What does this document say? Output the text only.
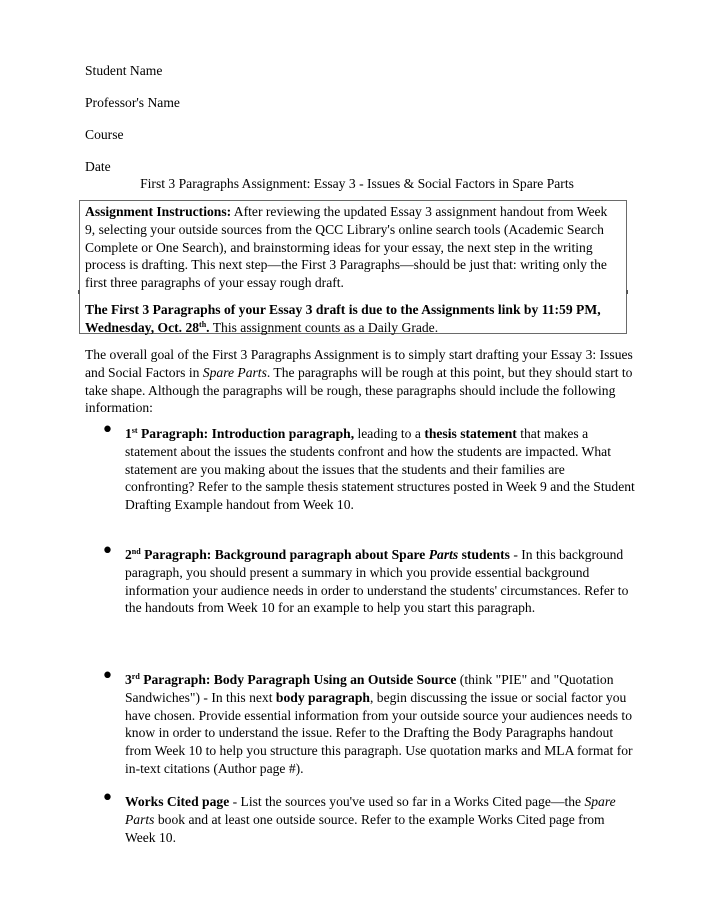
Student Name
Professor's Name
Course
Date
First 3 Paragraphs Assignment: Essay 3 - Issues & Social Factors in Spare Parts

Assignment Instructions: After reviewing the updated Essay 3 assignment handout from Week 9, selecting your outside sources from the QCC Library's online search tools (Academic Search Complete or One Search), and brainstorming ideas for your essay, the next step in the writing process is drafting. This next step—the First 3 Paragraphs—should be just that: writing only the first three paragraphs of your essay rough draft.

The First 3 Paragraphs of your Essay 3 draft is due to the Assignments link by 11:59 PM, Wednesday, Oct. 28th. This assignment counts as a Daily Grade.

The overall goal of the First 3 Paragraphs Assignment is to simply start drafting your Essay 3: Issues and Social Factors in Spare Parts. The paragraphs will be rough at this point, but they should start to take shape. Although the paragraphs will be rough, these paragraphs should include the following information:

• 1st Paragraph: Introduction paragraph, leading to a thesis statement that makes a statement about the issues the students confront and how the students are impacted. What statement are you making about the issues that the students and their families are confronting? Refer to the sample thesis statement structures posted in Week 9 and the Student Drafting Example handout from Week 10.

• 2nd Paragraph: Background paragraph about Spare Parts students - In this background paragraph, you should present a summary in which you provide essential background information your audience needs in order to understand the students' circumstances. Refer to the handouts from Week 10 for an example to help you start this paragraph.

• 3rd Paragraph: Body Paragraph Using an Outside Source (think "PIE" and "Quotation Sandwiches") - In this next body paragraph, begin discussing the issue or social factor you have chosen. Provide essential information from your outside source your audiences needs to know in order to understand the issue. Refer to the Drafting the Body Paragraphs handout from Week 10 to help you structure this paragraph. Use quotation marks and MLA format for in-text citations (Author page #).

• Works Cited page - List the sources you've used so far in a Works Cited page—the Spare Parts book and at least one outside source. Refer to the example Works Cited page from Week 10.
